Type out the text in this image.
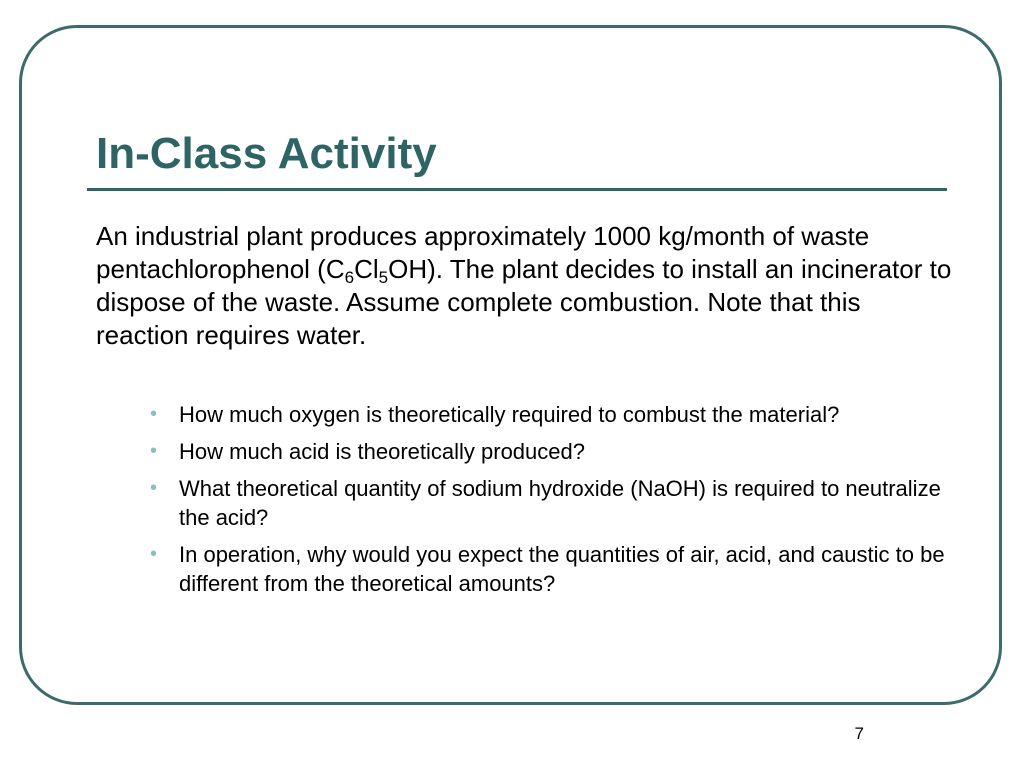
In-Class Activity

An industrial plant produces approximately 1000 kg/month of waste pentachlorophenol $(C_6Cl_5OH)$. The plant decides to install an incinerator to dispose of the waste. Assume complete combustion. Note that this reaction requires water.

• How much oxygen is theoretically required to combust the material?
• How much acid is theoretically produced?
• What theoretical quantity of sodium hydroxide (NaOH) is required to neutralize the acid?
• In operation, why would you expect the quantities of air, acid, and caustic to be different from the theoretical amounts?
7
